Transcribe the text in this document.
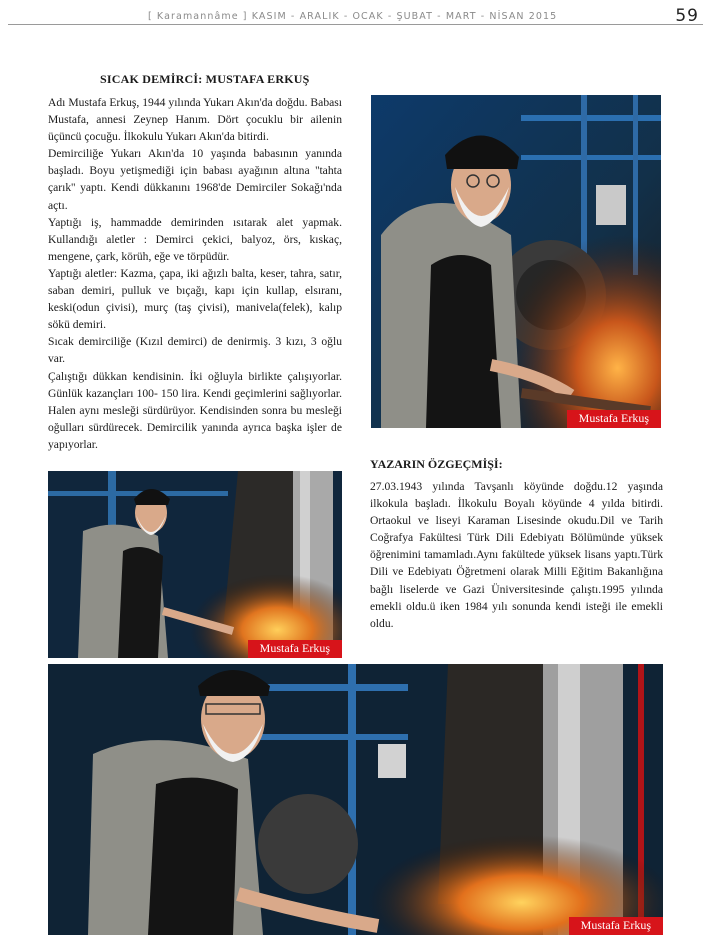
[ Karamannâme ] KASIM - ARALIK - OCAK - ŞUBAT - MART - NİSAN 2015	59
SICAK DEMİRCİ: MUSTAFA ERKUŞ

Adı Mustafa Erkuş, 1944 yılında Yukarı Akın'da doğdu. Babası Mustafa, annesi Zeynep Hanım. Dört çocuklu bir ailenin üçüncü çocuğu. İlkokulu Yukarı Akın'da bitirdi.

Demirciliğe Yukarı Akın'da 10 yaşında babasının yanında başladı. Boyu yetişmediği için babası ayağının altına ''tahta çarık'' yaptı. Kendi dükkanını 1968'de Demirciler Sokağı'nda açtı.

Yaptığı iş, hammadde demirinden ısıtarak alet yapmak. Kullandığı aletler : Demirci çekici, balyoz, örs, kıskaç, mengene, çark, körüh, eğe ve törpüdür.

Yaptığı aletler: Kazma, çapa, iki ağızlı balta, keser, tahra, satır, saban demiri, pulluk ve bıçağı, kapı için kullap, elsıranı, keski(odun çivisi), murç (taş çivisi), manivela(felek), kalıp sökü demiri.

Sıcak demirciliğe (Kızıl demirci) de denirmiş. 3 kızı, 3 oğlu var.

Çalıştığı dükkan kendisinin. İki oğluyla birlikte çalışıyorlar. Günlük kazançları 100- 150 lira. Kendi geçimlerini sağlıyorlar. Halen aynı mesleği sürdürüyor. Kendisinden sonra bu mesleği oğulları sürdürecek. Demircilik yanında ayrıca başka işler de yapıyorlar.

Mustafa Erkuş
YAZARIN ÖZGEÇMİŞİ:

27.03.1943 yılında Tavşanlı köyünde doğdu.12 yaşında ilkokula başladı. İlkokulu Boyalı köyünde 4 yılda bitirdi. Ortaokul ve liseyi Karaman Lisesinde okudu.Dil ve Tarih Coğrafya Fakültesi Türk Dili Edebiyatı Bölümünde yüksek öğrenimini tamamladı.Aynı fakültede yüksek lisans yaptı.Türk Dili ve Edebiyatı Öğretmeni olarak Milli Eğitim Bakanlığına bağlı liselerde ve Gazi Üniversitesinde çalıştı.1995 yılında emekli oldu.ü iken 1984 yılı sonunda kendi isteği ile emekli oldu.

Mustafa Erkuş
Mustafa Erkuş
